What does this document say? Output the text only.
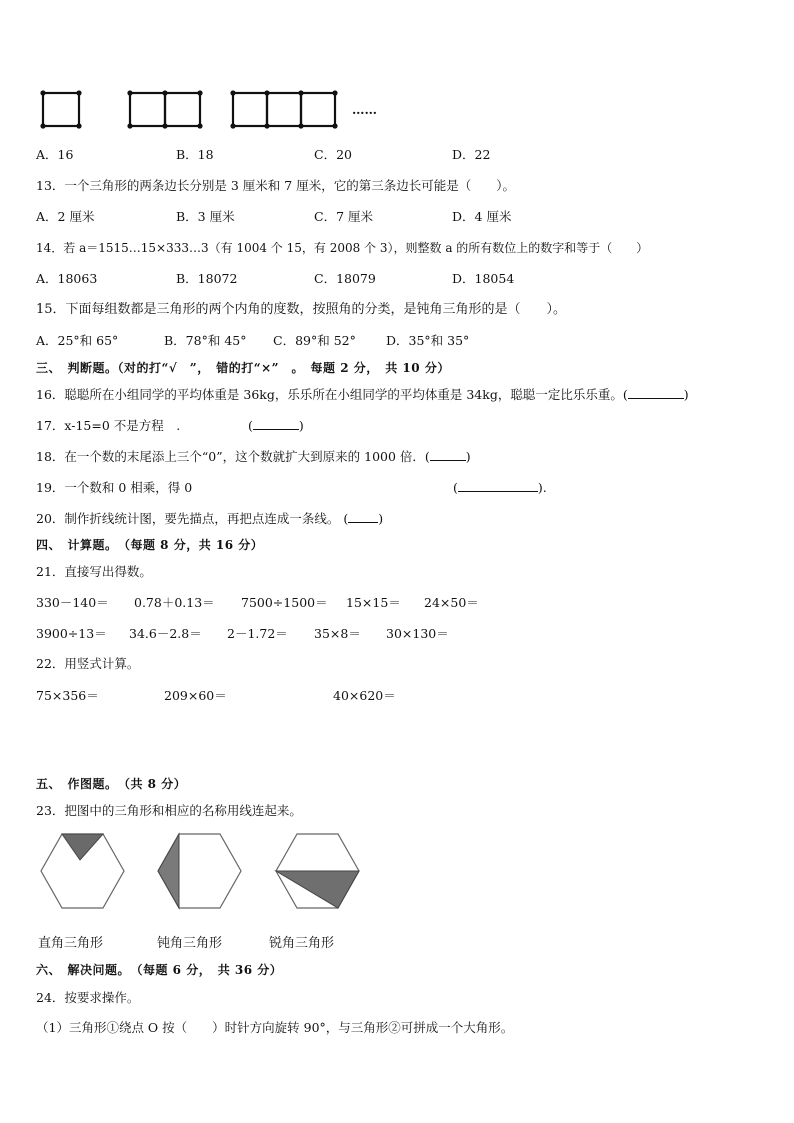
……
A．16	B．18	C．20	D．22
13．一个三角形的两条边长分别是 3 厘米和 7 厘米，它的第三条边长可能是（　　）。
A．2 厘米	B．3 厘米	C．7 厘米	D．4 厘米
14．若 a＝1515…15×333…3（有 1004 个 15，有 2008 个 3），则整数 a 的所有数位上的数字和等于（　　）
A．18063	B．18072	C．18079	D．18054
15．下面每组数都是三角形的两个内角的度数，按照角的分类，是钝角三角形的是（　　）。
A．25°和 65°	B．78°和 45° C．89°和 52° D．35°和 35°
三、　判断题。（对的打“√　”，　错的打“×”　。　每题 2 分，　共 10 分）
16．聪聪所在小组同学的平均体重是 36kg，乐乐所在小组同学的平均体重是 34kg，聪聪一定比乐乐重。(	)
17．x-15=0 不是方程　.	(	)
18．在一个数的末尾添上三个“0”，这个数就扩大到原来的 1000 倍．(	)
19．一个数和 0 相乘，得 0	(	).
20．制作折线统计图，要先描点，再把点连成一条线。 ( )
四、　计算题。　（每题 8 分，共 16 分）
21．直接写出得数。
330－140＝ 0.78＋0.13＝ 7500÷1500＝ 15×15＝ 24×50＝
3900÷13＝ 34.6－2.8＝ 2－1.72＝ 35×8＝ 30×130＝
22．用竖式计算。
75×356＝	209×60＝	40×620＝
五、　作图题。　（共 8 分）
23．把图中的三角形和相应的名称用线连起来。
直角三角形	钝角三角形	锐角三角形
六、　解决问题。　（每题 6 分，　共 36 分）
24．按要求操作。
（1）三角形①绕点 O 按（　　）时针方向旋转 90°，与三角形②可拼成一个大角形。
